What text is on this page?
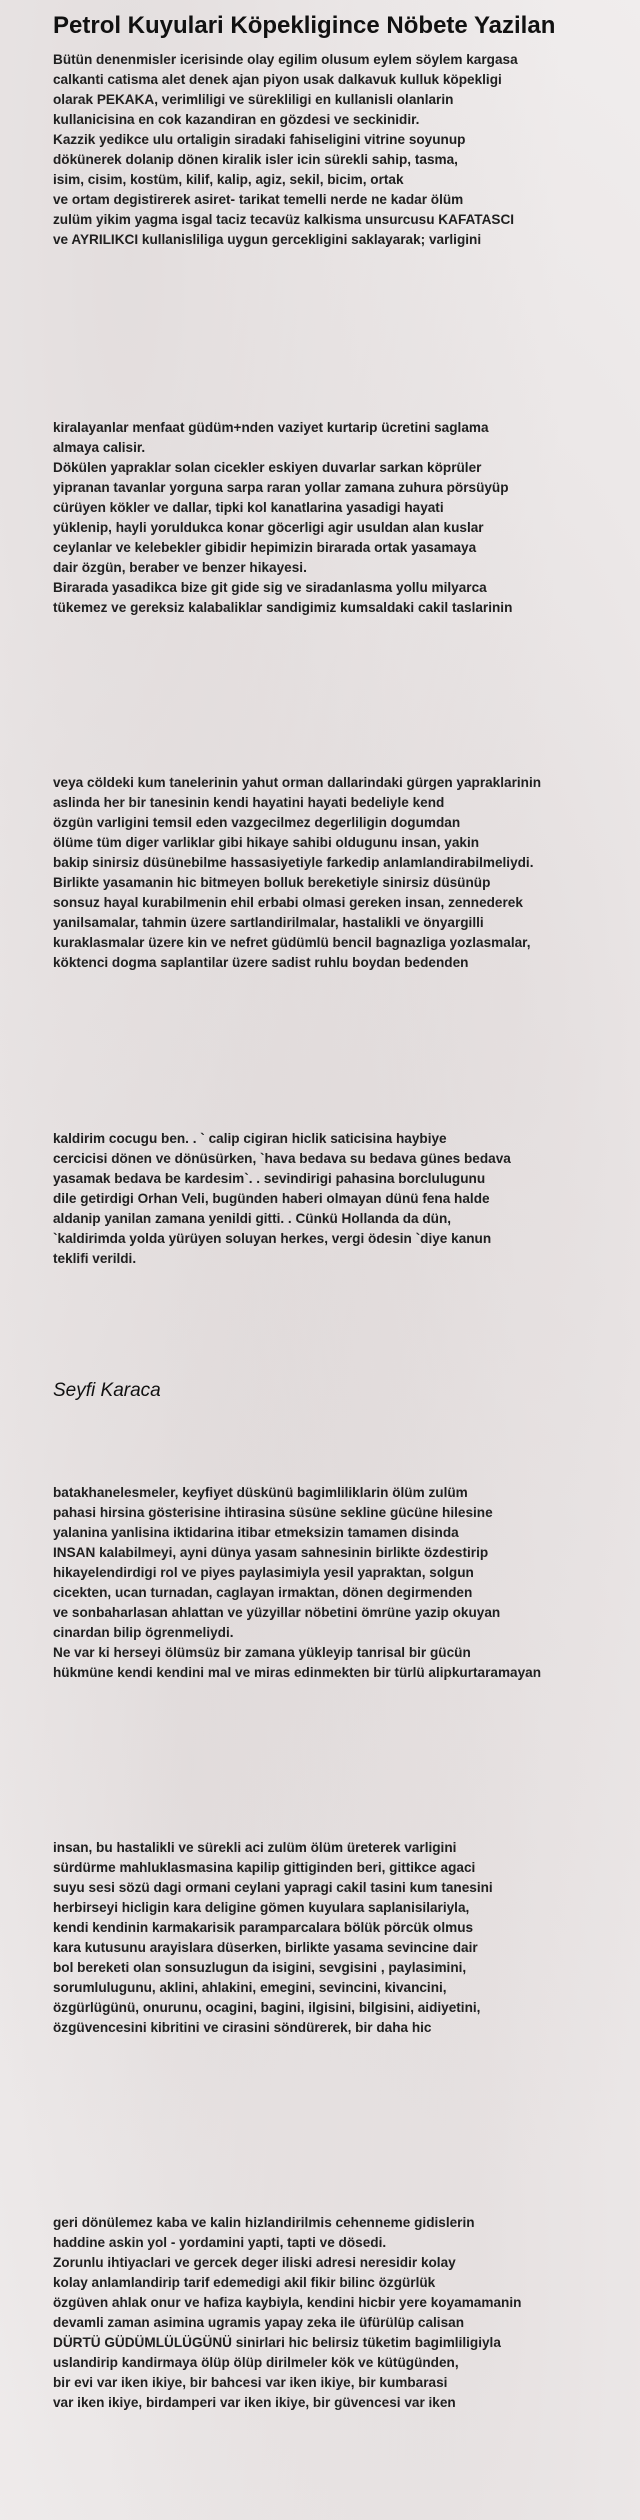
Petrol Kuyulari Köpekligince Nöbete Yazilan
Bütün denenmisler icerisinde olay egilim olusum eylem söylem kargasa
calkanti catisma alet denek ajan piyon usak dalkavuk kulluk köpekligi
olarak PEKAKA, verimliligi ve sürekliligi en kullanisli olanlarin
kullanicisina en cok kazandiran en gözdesi ve seckinidir.
Kazzik yedikce ulu ortaligin siradaki fahiseligini vitrine soyunup
dökünerek dolanip dönen kiralik isler icin sürekli sahip, tasma,
isim, cisim, kostüm, kilif, kalip, agiz, sekil, bicim, ortak
ve ortam degistirerek asiret- tarikat temelli nerde ne kadar ölüm
zulüm yikim yagma isgal taciz tecavüz kalkisma unsurcusu KAFATASCI
ve AYRILIKCI kullanisliliga uygun gercekligini saklayarak; varligini
kiralayanlar menfaat güdüm+nden vaziyet kurtarip ücretini saglama
almaya calisir.
Dökülen yapraklar solan cicekler eskiyen duvarlar sarkan köprüler
yipranan tavanlar yorguna sarpa raran yollar zamana zuhura pörsüyüp
cürüyen kökler ve dallar, tipki kol kanatlarina yasadigi hayati
yüklenip, hayli yoruldukca konar göcerligi agir usuldan alan kuslar
ceylanlar ve kelebekler gibidir hepimizin birarada ortak yasamaya
dair özgün, beraber ve benzer hikayesi.
Birarada yasadikca bize git gide sig ve siradanlasma yollu milyarca
tükemez ve gereksiz kalabaliklar sandigimiz kumsaldaki cakil taslarinin
veya cöldeki kum tanelerinin yahut orman dallarindaki gürgen yapraklarinin
aslinda her bir tanesinin kendi hayatini hayati bedeliyle kend
özgün varligini temsil eden vazgecilmez degerliligin dogumdan
ölüme tüm diger varliklar gibi hikaye sahibi oldugunu insan, yakin
bakip sinirsiz düsünebilme hassasiyetiyle farkedip anlamlandirabilmeliydi.
Birlikte yasamanin hic bitmeyen bolluk bereketiyle sinirsiz düsünüp
sonsuz hayal kurabilmenin ehil erbabi olmasi gereken insan, zennederek
yanilsamalar, tahmin üzere sartlandirilmalar, hastalikli ve önyargilli
kuraklasmalar üzere kin ve nefret güdümlü bencil bagnazliga yozlasmalar,
köktenci dogma saplantilar üzere sadist ruhlu boydan bedenden
kaldirim cocugu ben. . ` calip cigiran hiclik saticisina haybiye
cercicisi dönen ve dönüsürken, `hava bedava su bedava günes bedava
yasamak bedava be kardesim`. . sevindirigi pahasina borclulugunu
dile getirdigi Orhan Veli, bugünden haberi olmayan dünü fena halde
aldanip yanilan zamana yenildi gitti. . Cünkü Hollanda da dün,
`kaldirimda yolda yürüyen soluyan herkes, vergi ödesin `diye kanun
teklifi verildi.
Seyfi Karaca
batakhanelesmeler, keyfiyet düskünü bagimliliklarin ölüm zulüm
pahasi hirsina gösterisine ihtirasina süsüne sekline gücüne hilesine
yalanina yanlisina iktidarina itibar etmeksizin tamamen disinda
INSAN kalabilmeyi, ayni dünya yasam sahnesinin birlikte özdestirip
hikayelendirdigi rol ve piyes paylasimiyla yesil yapraktan, solgun
cicekten, ucan turnadan, caglayan irmaktan, dönen degirmenden
ve sonbaharlasan ahlattan ve yüzyillar nöbetini ömrüne yazip okuyan
cinardan bilip ögrenmeliydi.
Ne var ki herseyi ölümsüz bir zamana yükleyip tanrisal bir gücün
hükmüne kendi kendini mal ve miras edinmekten bir türlü alipkurtaramayan
insan, bu hastalikli ve sürekli aci zulüm ölüm üreterek varligini
sürdürme mahluklasmasina kapilip gittiginden beri, gittikce agaci
suyu sesi sözü dagi ormani ceylani yapragi cakil tasini kum tanesini
herbirseyi hicligin kara deligine gömen kuyulara saplanisilariyla,
kendi kendinin karmakarisik paramparcalara bölük pörcük olmus
kara kutusunu arayislara düserken, birlikte yasama sevincine dair
bol bereketi olan sonsuzlugun da isigini, sevgisini , paylasimini,
sorumlulugunu, aklini, ahlakini, emegini, sevincini, kivancini,
özgürlügünü, onurunu, ocagini, bagini, ilgisini, bilgisini, aidiyetini,
özgüvencesini kibritini ve cirasini söndürerek, bir daha hic
geri dönülemez kaba ve kalin hizlandirilmis cehenneme gidislerin
haddine askin yol - yordamini yapti, tapti ve dösedi.
Zorunlu ihtiyaclari ve gercek deger iliski adresi neresidir kolay
kolay anlamlandirip tarif edemedigi akil fikir bilinc özgürlük
özgüven ahlak onur ve hafiza kaybiyla, kendini hicbir yere koyamamanin
devamli zaman asimina ugramis yapay zeka ile üfürülüp calisan
DÜRTÜ GÜDÜMLÜLÜGÜNÜ sinirlari hic belirsiz tüketim bagimliligiyla
uslandirip kandirmaya ölüp ölüp dirilmeler kök ve kütügünden,
bir evi var iken ikiye, bir bahcesi var iken ikiye, bir kumbarasi
var iken ikiye, birdamperi var iken ikiye, bir güvencesi var iken
